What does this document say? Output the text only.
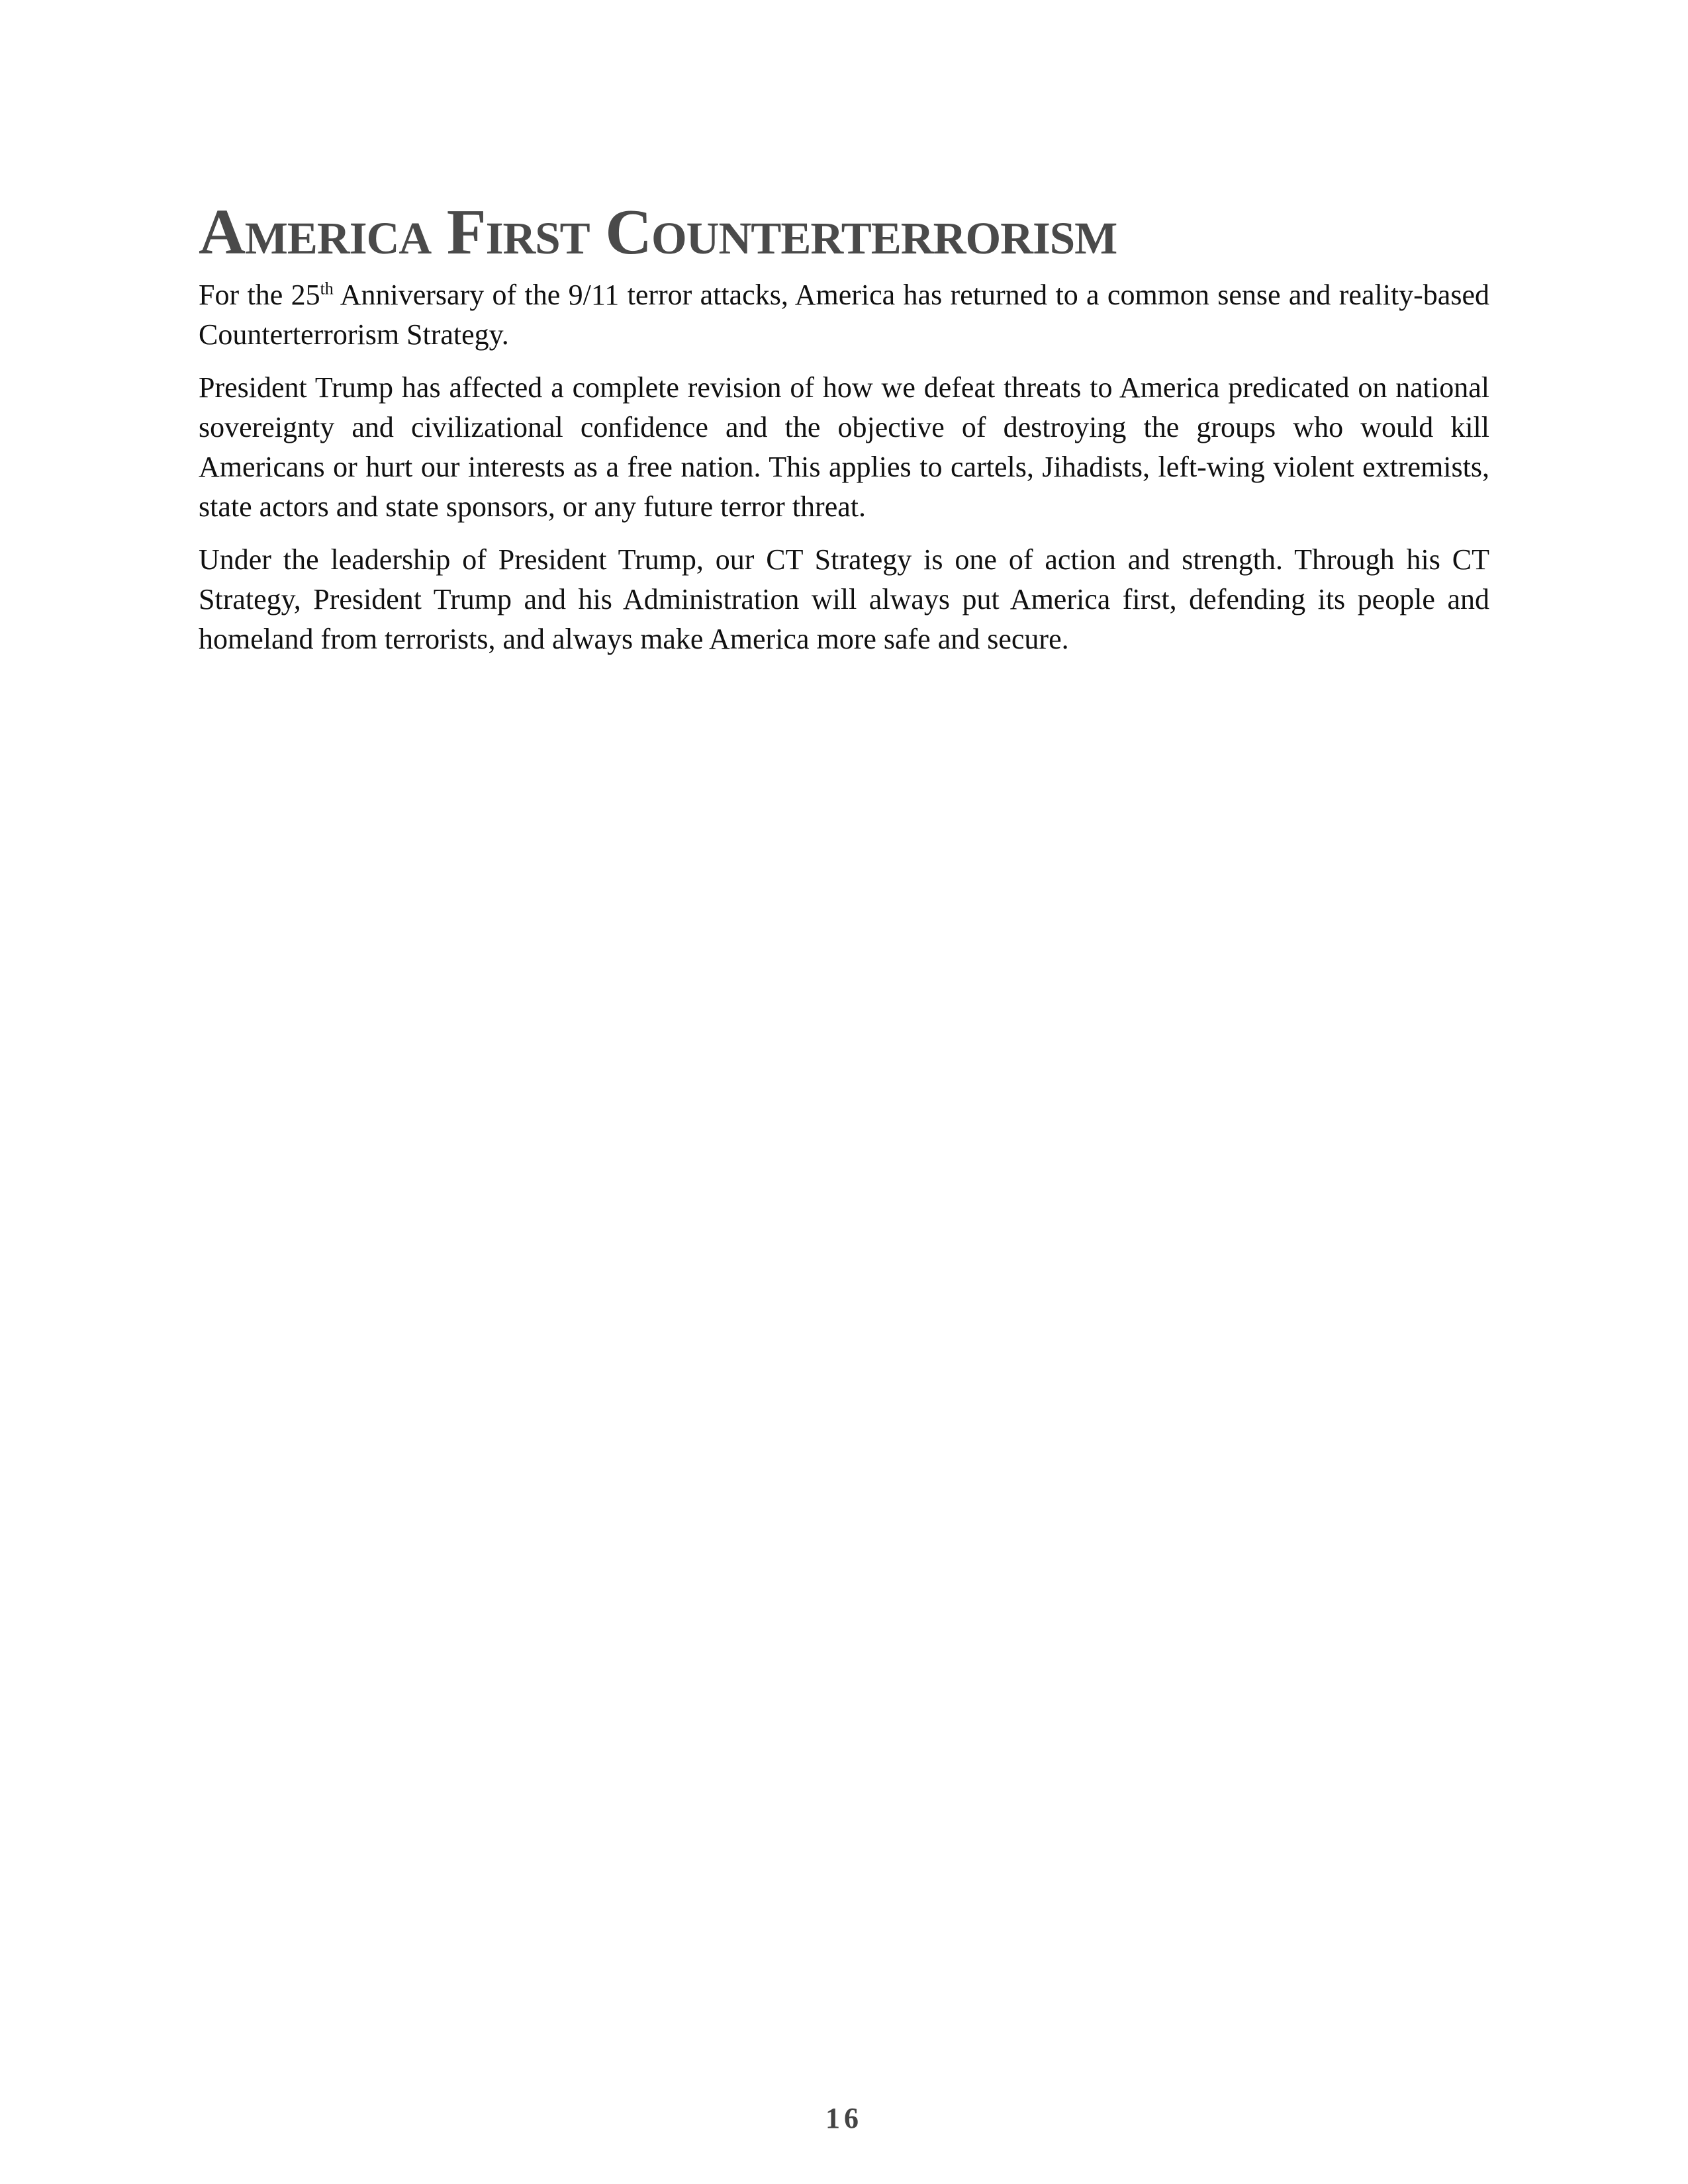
America First Counterterrorism

For the 25th Anniversary of the 9/11 terror attacks, America has returned to a common sense and reality-based Counterterrorism Strategy.

President Trump has affected a complete revision of how we defeat threats to America predicated on national sovereignty and civilizational confidence and the objective of destroying the groups who would kill Americans or hurt our interests as a free nation. This applies to cartels, Jihadists, left-wing violent extremists, state actors and state sponsors, or any future terror threat.

Under the leadership of President Trump, our CT Strategy is one of action and strength. Through his CT Strategy, President Trump and his Administration will always put America first, defending its people and homeland from terrorists, and always make America more safe and secure.

16
